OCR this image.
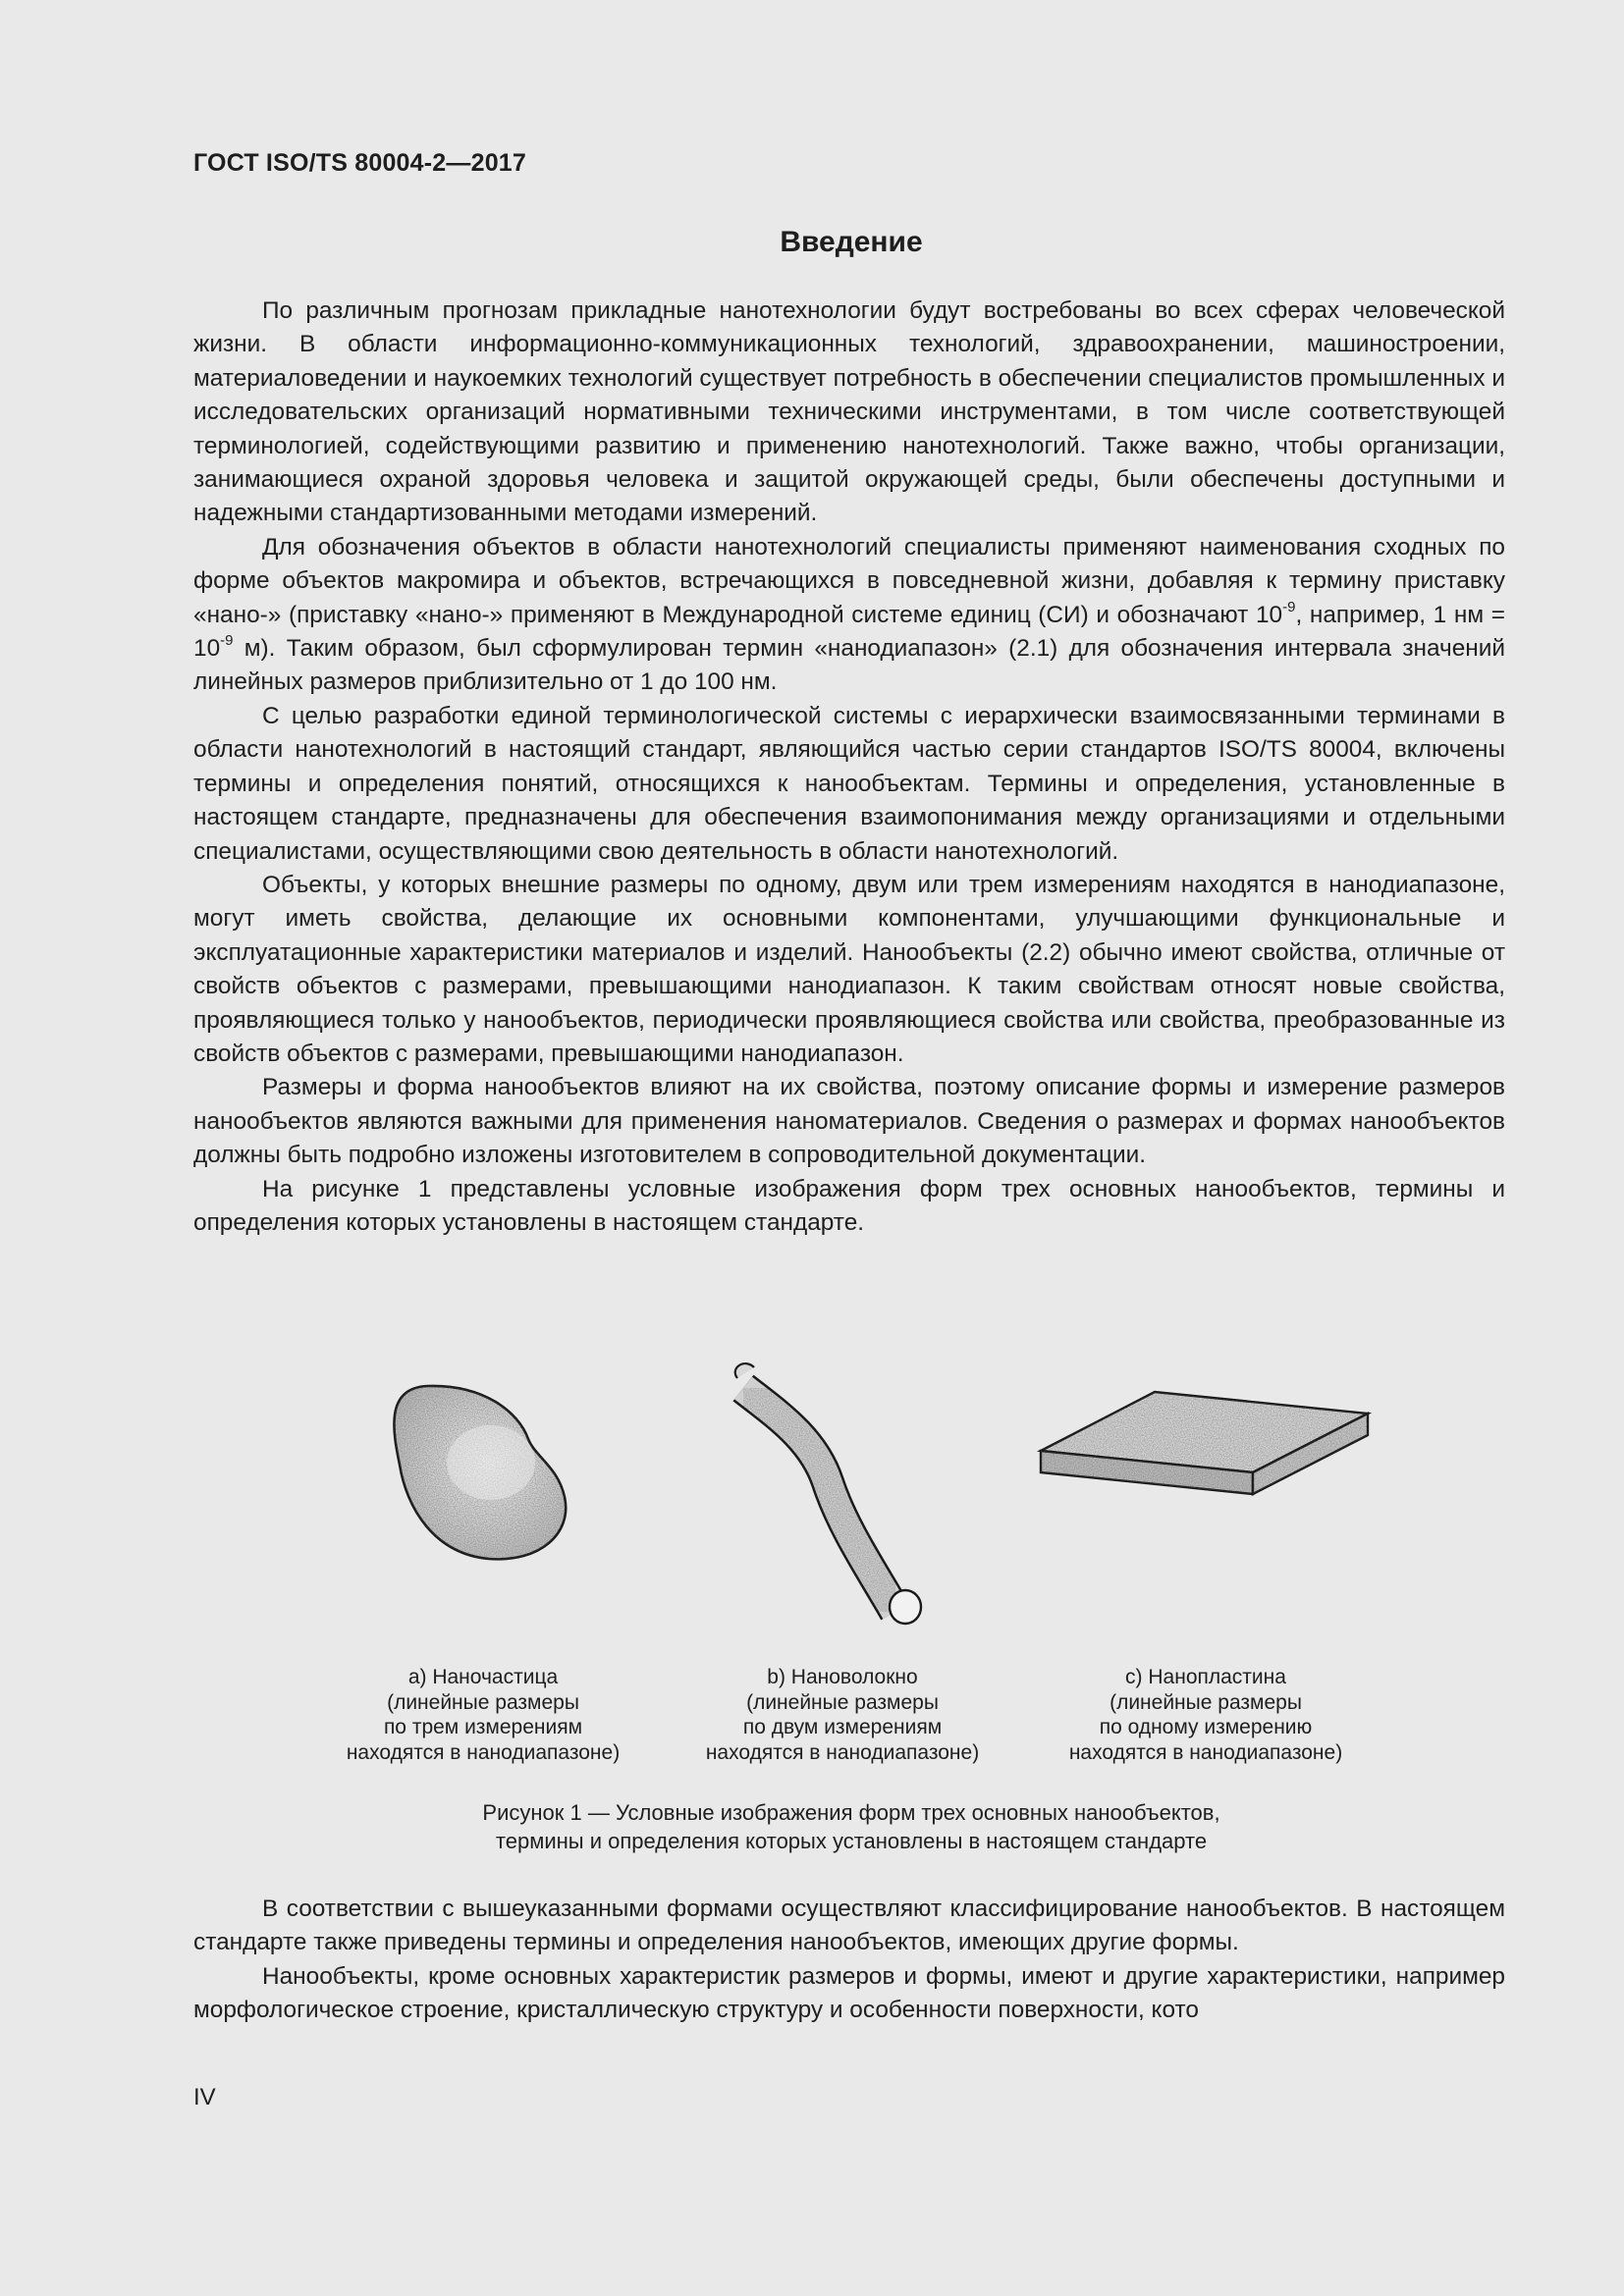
ГОСТ ISO/TS 80004-2—2017
Введение

По различным прогнозам прикладные нанотехнологии будут востребованы во всех сферах человеческой жизни. В области информационно-коммуникационных технологий, здравоохранении, машиностроении, материаловедении и наукоемких технологий существует потребность в обеспечении специалистов промышленных и исследовательских организаций нормативными техническими инструментами, в том числе соответствующей терминологией, содействующими развитию и применению нанотехнологий. Также важно, чтобы организации, занимающиеся охраной здоровья человека и защитой окружающей среды, были обеспечены доступными и надежными стандартизованными методами измерений.

Для обозначения объектов в области нанотехнологий специалисты применяют наименования сходных по форме объектов макромира и объектов, встречающихся в повседневной жизни, добавляя к термину приставку «нано-» (приставку «нано-» применяют в Международной системе единиц (СИ) и обозначают $10^{-9}$, например, 1 нм = $10^{-9}$ м). Таким образом, был сформулирован термин «нанодиапазон» (2.1) для обозначения интервала значений линейных размеров приблизительно от 1 до 100 нм.

С целью разработки единой терминологической системы с иерархически взаимосвязанными терминами в области нанотехнологий в настоящий стандарт, являющийся частью серии стандартов ISO/TS 80004, включены термины и определения понятий, относящихся к нанообъектам. Термины и определения, установленные в настоящем стандарте, предназначены для обеспечения взаимопонимания между организациями и отдельными специалистами, осуществляющими свою деятельность в области нанотехнологий.

Объекты, у которых внешние размеры по одному, двум или трем измерениям находятся в нанодиапазоне, могут иметь свойства, делающие их основными компонентами, улучшающими функциональные и эксплуатационные характеристики материалов и изделий. Нанообъекты (2.2) обычно имеют свойства, отличные от свойств объектов с размерами, превышающими нанодиапазон. К таким свойствам относят новые свойства, проявляющиеся только у нанообъектов, периодически проявляющиеся свойства или свойства, преобразованные из свойств объектов с размерами, превышающими нанодиапазон.

Размеры и форма нанообъектов влияют на их свойства, поэтому описание формы и измерение размеров нанообъектов являются важными для применения наноматериалов. Сведения о размерах и формах нанообъектов должны быть подробно изложены изготовителем в сопроводительной документации.

На рисунке 1 представлены условные изображения форм трех основных нанообъектов, термины и определения которых установлены в настоящем стандарте.

a) Наночастица
(линейные размеры
по трем измерениям
находятся в нанодиапазоне)
b) Нановолокно
(линейные размеры
по двум измерениям
находятся в нанодиапазоне)
c) Нанопластина
(линейные размеры
по одному измерению
находятся в нанодиапазоне)
Рисунок 1 — Условные изображения форм трех основных нанообъектов,
термины и определения которых установлены в настоящем стандарте

В соответствии с вышеуказанными формами осуществляют классифицирование нанообъектов. В настоящем стандарте также приведены термины и определения нанообъектов, имеющих другие формы.

Нанообъекты, кроме основных характеристик размеров и формы, имеют и другие характеристики, например морфологическое строение, кристаллическую структуру и особенности поверхности, кото

IV
